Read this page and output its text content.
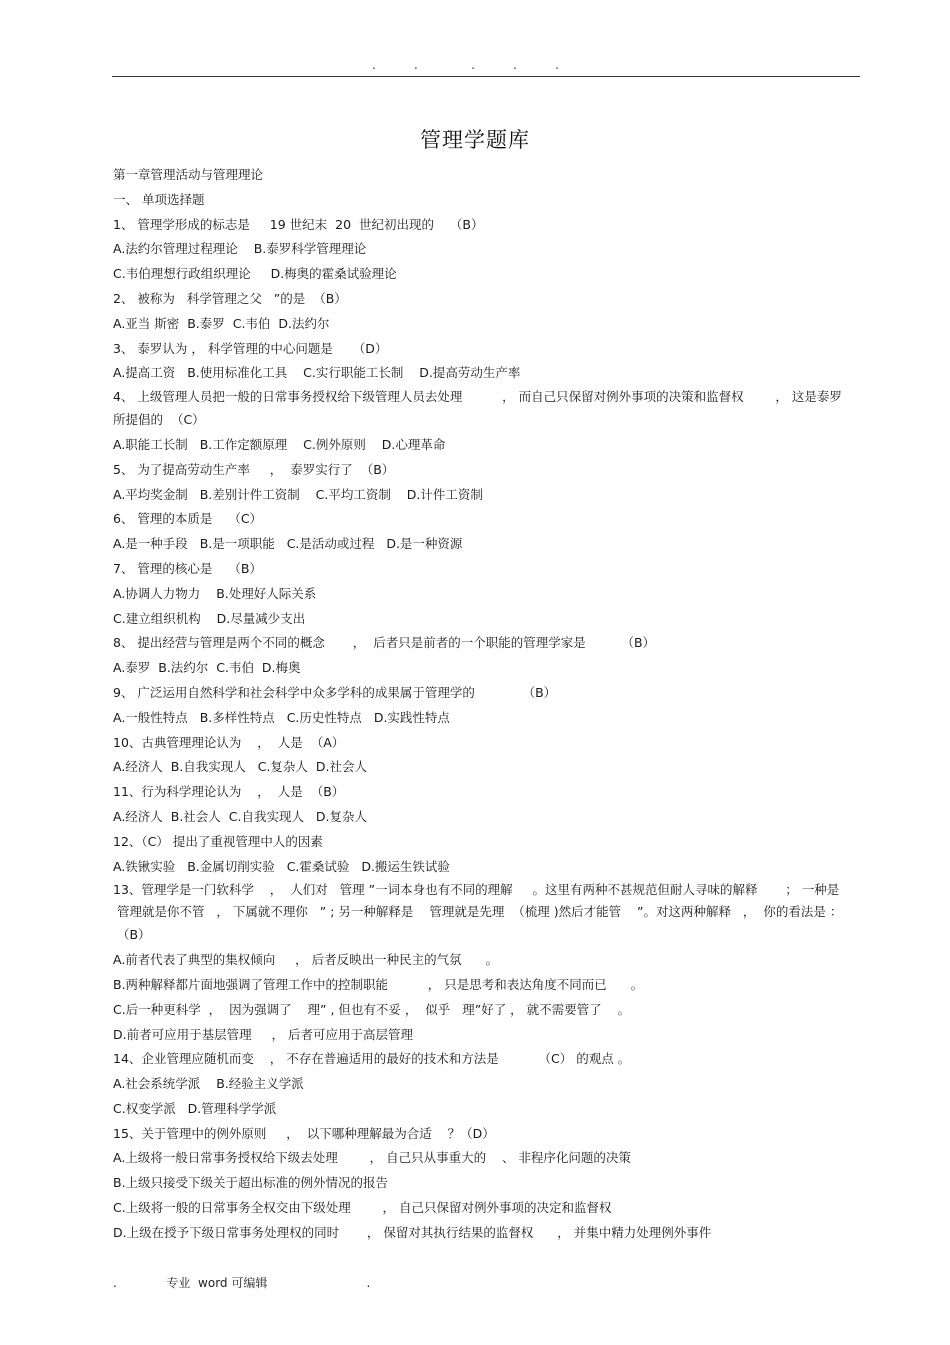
.          .              .          .          .
管理学题库
第一章管理活动与管理理论
一、 单项选择题
1、 管理学形成的标志是     19 世纪末  20  世纪初出现的    （B）
A.法约尔管理过程理论    B.泰罗科学管理理论
C.韦伯理想行政组织理论     D.梅奥的霍桑试验理论
2、 被称为   科学管理之父   ”的是  （B）
A.亚当 斯密  B.泰罗  C.韦伯  D.法约尔
3、 泰罗认为 ， 科学管理的中心问题是     （D）
A.提高工资   B.使用标准化工具    C.实行职能工长制    D.提高劳动生产率
4、 上级管理人员把一般的日常事务授权给下级管理人员去处理          ， 而自己只保留对例外事项的决策和监督权        ， 这是泰罗
所提倡的  （C）
A.职能工长制   B.工作定额原理    C.例外原则    D.心理革命
5、 为了提高劳动生产率     ，  泰罗实行了  （B）
A.平均奖金制   B.差别计件工资制    C.平均工资制    D.计件工资制
6、 管理的本质是    （C）
A.是一种手段   B.是一项职能   C.是活动或过程   D.是一种资源
7、 管理的核心是    （B）
A.协调人力物力    B.处理好人际关系
C.建立组织机构    D.尽量减少支出
8、 提出经营与管理是两个不同的概念       ，  后者只是前者的一个职能的管理学家是         （B）
A.泰罗  B.法约尔  C.韦伯  D.梅奥
9、 广泛运用自然科学和社会科学中众多学科的成果属于管理学的            （B）
A.一般性特点   B.多样性特点   C.历史性特点   D.实践性特点
10、古典管理理论认为    ，  人是  （A）
A.经济人  B.自我实现人   C.复杂人  D.社会人
11、行为科学理论认为    ，  人是  （B）
A.经济人  B.社会人  C.自我实现人   D.复杂人
12、（C） 提出了重视管理中人的因素
A.铁锹实验   B.金属切削实验   C.霍桑试验   D.搬运生铁试验
13、管理学是一门软科学    ，  人们对   管理 ”一词本身也有不同的理解     。这里有两种不甚规范但耐人寻味的解释       ； 一种是
管理就是你不管   ， 下属就不理你   ” ; 另一种解释是    管理就是先理  （梳理 )然后才能管    ”。对这两种解释   ，  你的看法是 ：
（B）
A.前者代表了典型的集权倾向     ， 后者反映出一种民主的气氛      。
B.两种解释都片面地强调了管理工作中的控制职能          ， 只是思考和表达角度不同而已      。
C.后一种更科学  ，  因为强调了    理” , 但也有不妥 ，  似乎   理”好了 ， 就不需要管了    。
D.前者可应用于基层管理     ， 后者可应用于高层管理
14、企业管理应随机而变    ， 不存在普遍适用的最好的技术和方法是          （C） 的观点 。
A.社会系统学派    B.经验主义学派
C.权变学派   D.管理科学学派
15、关于管理中的例外原则     ，  以下哪种理解最为合适    ？（D）
A.上级将一般日常事务授权给下级去处理        ， 自己只从事重大的    、 非程序化问题的决策
B.上级只接受下级关于超出标准的例外情况的报告
C.上级将一般的日常事务全权交由下级处理        ， 自己只保留对例外事项的决定和监督权
D.上级在授予下级日常事务处理权的同时       ， 保留对其执行结果的监督权      ， 并集中精力处理例外事件
.             专业  word 可编辑                          .
